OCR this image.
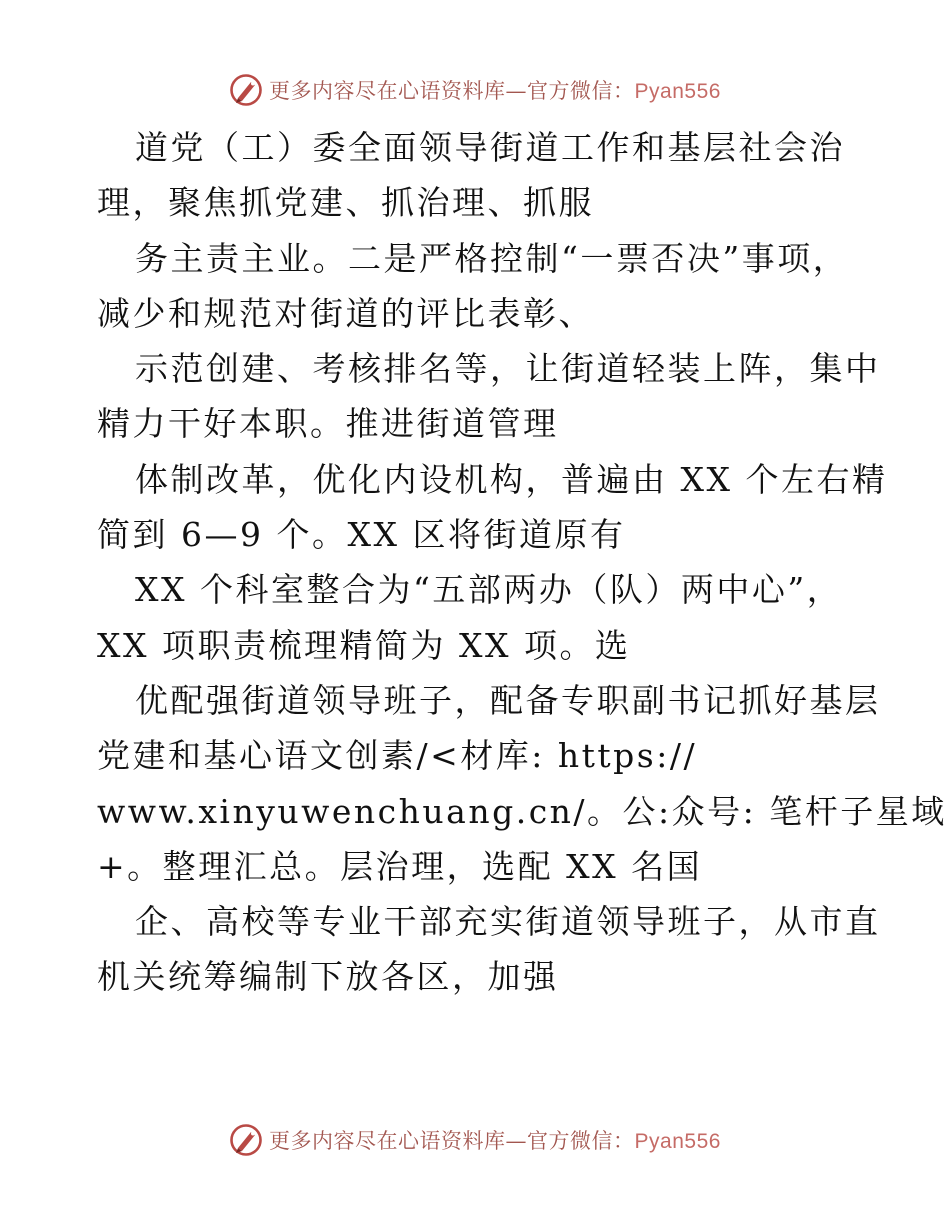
更多内容尽在心语资料库—官方微信：Pyan556
道党（工）委全面领导街道工作和基层社会治
理，聚焦抓党建、抓治理、抓服
务主责主业。二是严格控制“一票否决”事项，
减少和规范对街道的评比表彰、
示范创建、考核排名等，让街道轻装上阵，集中
精力干好本职。推进街道管理
体制改革，优化内设机构，普遍由 XX 个左右精
简到 6—9 个。XX 区将街道原有
XX 个科室整合为“五部两办（队）两中心”，
XX 项职责梳理精简为 XX 项。选
优配强街道领导班子，配备专职副书记抓好基层
党建和基心语文创素/<材库: https://
www.xinyuwenchuang.cn/。公:众号: 笔杆子星域
+。整理汇总。层治理，选配 XX 名国
企、高校等专业干部充实街道领导班子，从市直
机关统筹编制下放各区，加强
更多内容尽在心语资料库—官方微信：Pyan556
